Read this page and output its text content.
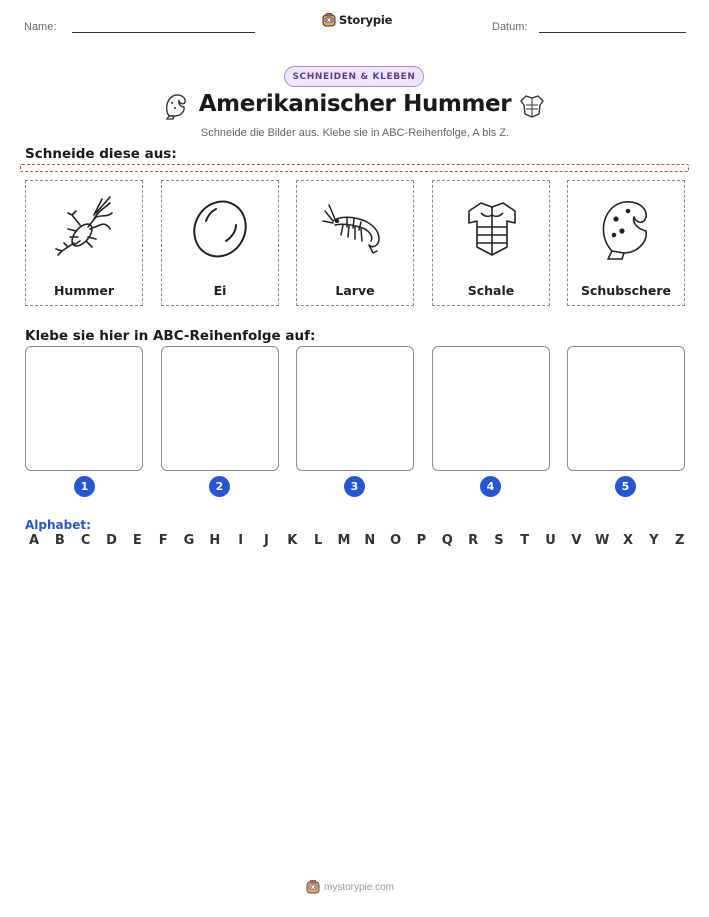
Name:	Storypie	Datum:
SCHNEIDEN & KLEBEN
Amerikanischer Hummer
Schneide die Bilder aus. Klebe sie in ABC-Reihenfolge, A bis Z.
Schneide diese aus:
Hummer	Ei	Larve	Schale	Schubschere
Klebe sie hier in ABC-Reihenfolge auf:
1	2	3	4	5
Alphabet:
A B C D E F G H	I	J	K L M N O P Q R S T U V W X Y Z
mystorypie.com
